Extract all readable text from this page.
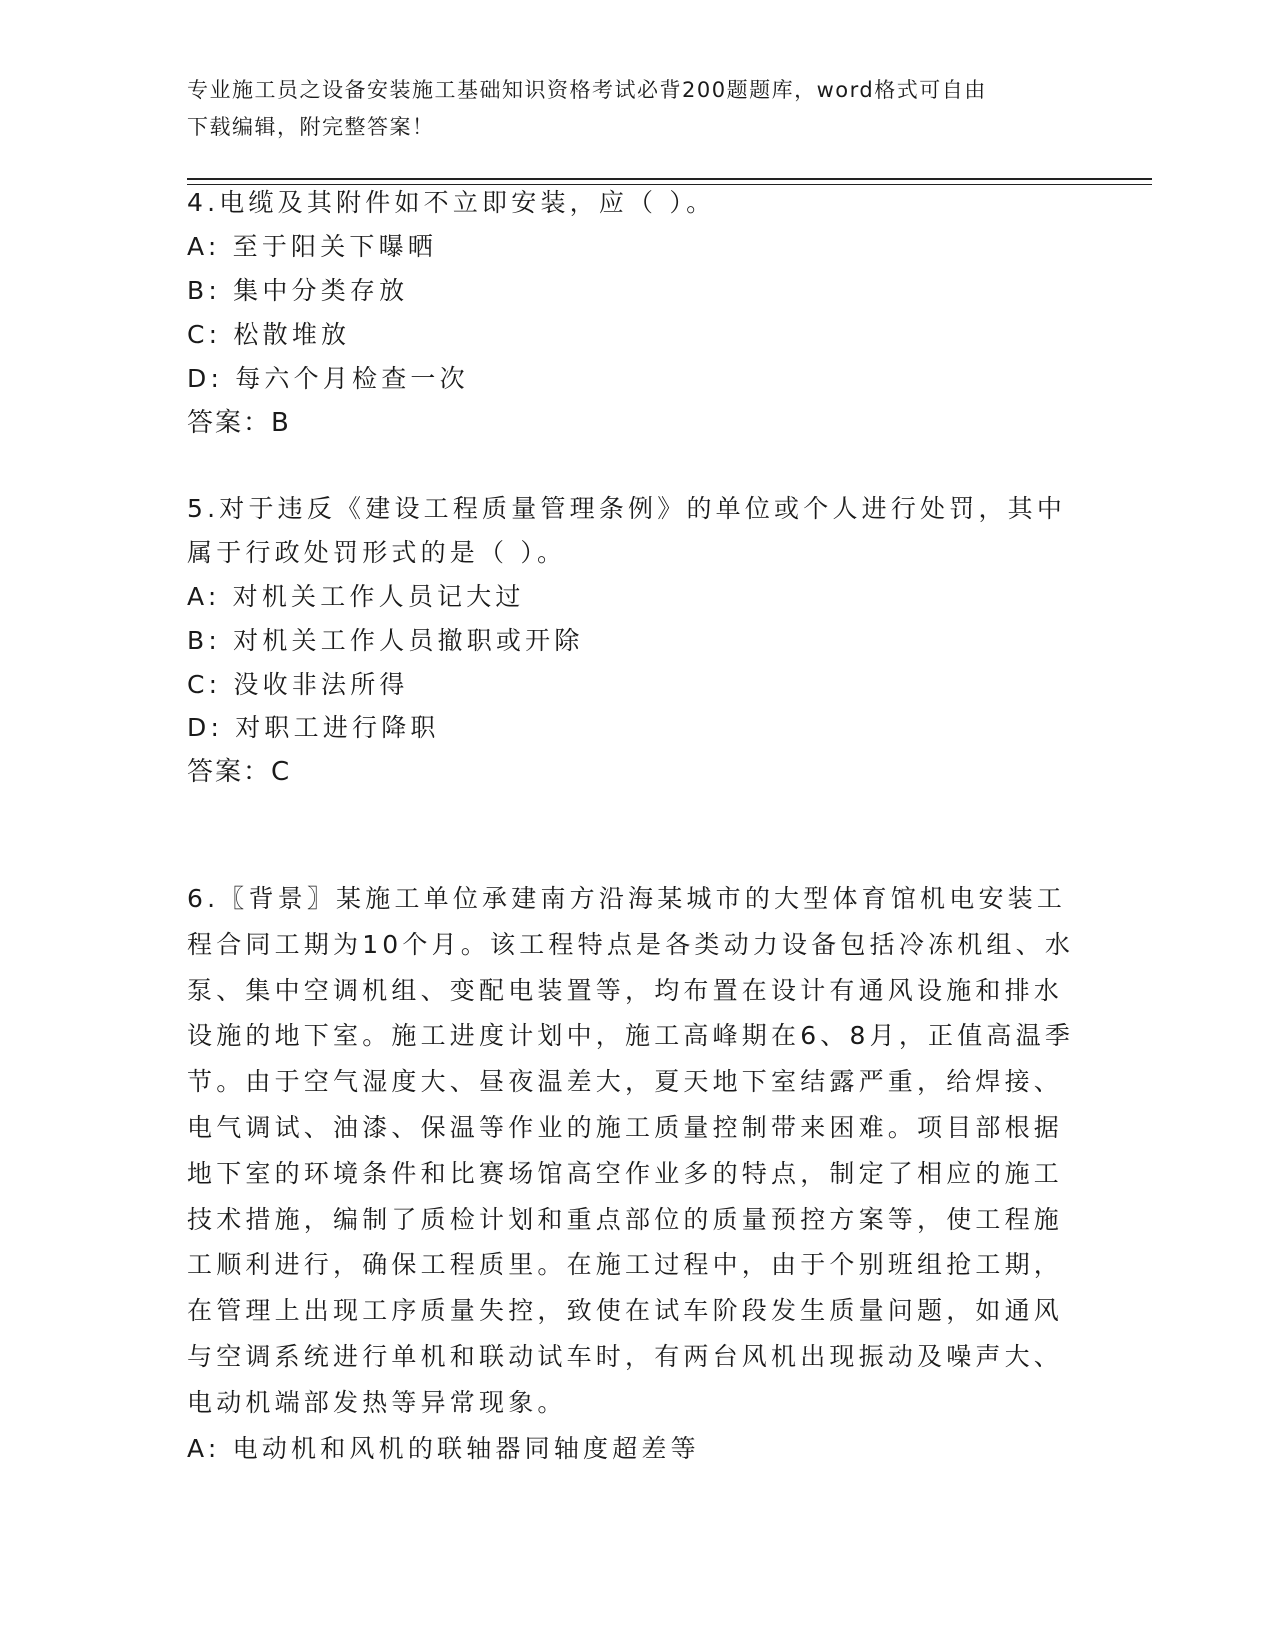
专业施工员之设备安装施工基础知识资格考试必背200题题库，word格式可自由
下载编辑，附完整答案！
4.电缆及其附件如不立即安装，应（ ）。
A: 至于阳关下曝晒
B: 集中分类存放
C: 松散堆放
D: 每六个月检查一次
答案：B
5.对于违反《建设工程质量管理条例》的单位或个人进行处罚，其中
属于行政处罚形式的是（ ）。
A: 对机关工作人员记大过
B: 对机关工作人员撤职或开除
C: 没收非法所得
D: 对职工进行降职
答案：C
6.〖背景〗某施工单位承建南方沿海某城市的大型体育馆机电安装工
程合同工期为10个月。该工程特点是各类动力设备包括冷冻机组、水
泵、集中空调机组、变配电装置等，均布置在设计有通风设施和排水
设施的地下室。施工进度计划中，施工高峰期在6、8月，正值高温季
节。由于空气湿度大、昼夜温差大，夏天地下室结露严重，给焊接、
电气调试、油漆、保温等作业的施工质量控制带来困难。项目部根据
地下室的环境条件和比赛场馆高空作业多的特点，制定了相应的施工
技术措施，编制了质检计划和重点部位的质量预控方案等，使工程施
工顺利进行，确保工程质里。在施工过程中，由于个别班组抢工期，
在管理上出现工序质量失控，致使在试车阶段发生质量问题，如通风
与空调系统进行单机和联动试车时，有两台风机出现振动及噪声大、
电动机端部发热等异常现象。
A: 电动机和风机的联轴器同轴度超差等
